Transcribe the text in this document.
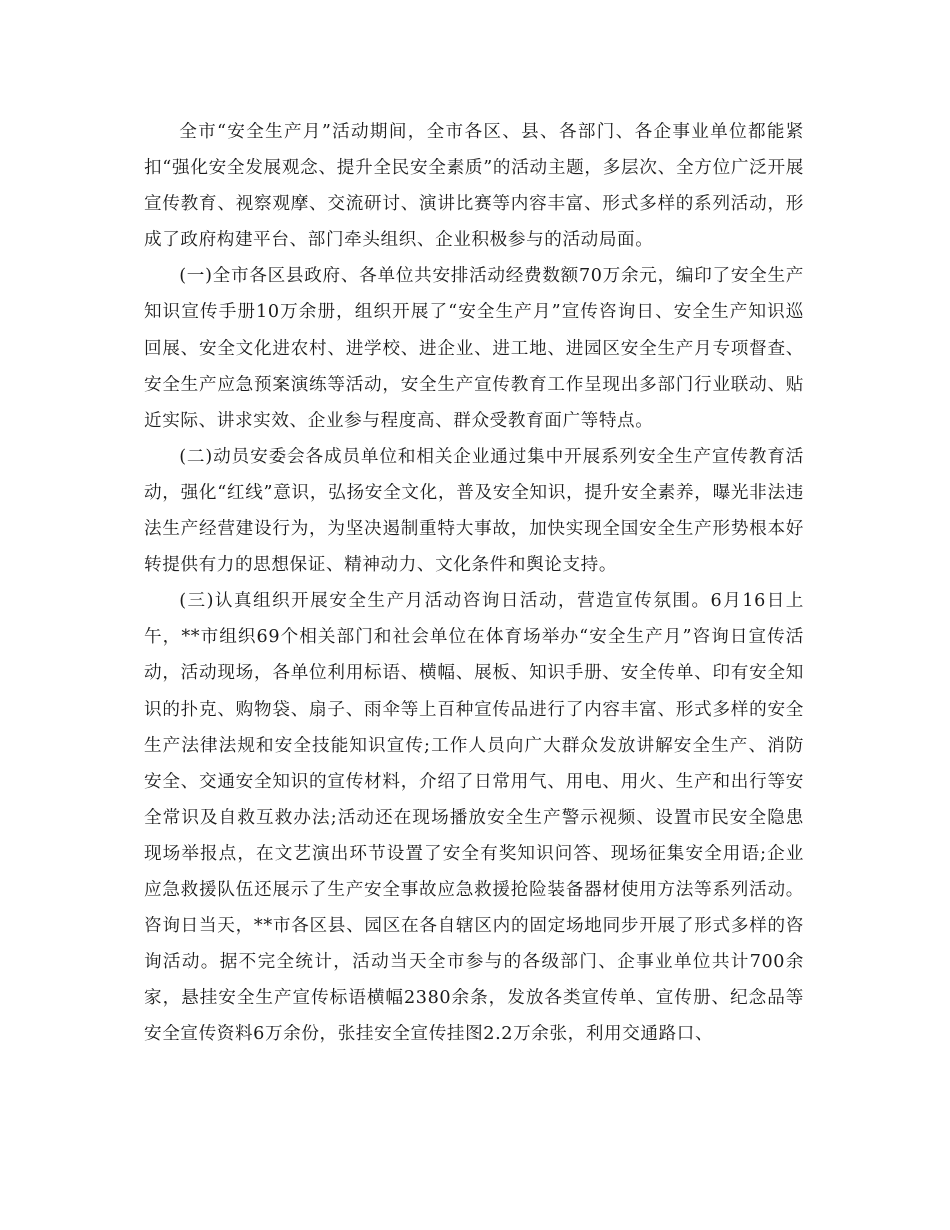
全市“安全生产月”活动期间，全市各区、县、各部门、各企事业单位都能紧扣“强化安全发展观念、提升全民安全素质”的活动主题，多层次、全方位广泛开展宣传教育、视察观摩、交流研讨、演讲比赛等内容丰富、形式多样的系列活动，形成了政府构建平台、部门牵头组织、企业积极参与的活动局面。

(一)全市各区县政府、各单位共安排活动经费数额70万余元，编印了安全生产知识宣传手册10万余册，组织开展了“安全生产月”宣传咨询日、安全生产知识巡回展、安全文化进农村、进学校、进企业、进工地、进园区安全生产月专项督查、安全生产应急预案演练等活动，安全生产宣传教育工作呈现出多部门行业联动、贴近实际、讲求实效、企业参与程度高、群众受教育面广等特点。

(二)动员安委会各成员单位和相关企业通过集中开展系列安全生产宣传教育活动，强化“红线”意识，弘扬安全文化，普及安全知识，提升安全素养，曝光非法违法生产经营建设行为，为坚决遏制重特大事故，加快实现全国安全生产形势根本好转提供有力的思想保证、精神动力、文化条件和舆论支持。

(三)认真组织开展安全生产月活动咨询日活动，营造宣传氛围。6月16日上午，**市组织69个相关部门和社会单位在体育场举办“安全生产月”咨询日宣传活动，活动现场，各单位利用标语、横幅、展板、知识手册、安全传单、印有安全知识的扑克、购物袋、扇子、雨伞等上百种宣传品进行了内容丰富、形式多样的安全生产法律法规和安全技能知识宣传;工作人员向广大群众发放讲解安全生产、消防安全、交通安全知识的宣传材料，介绍了日常用气、用电、用火、生产和出行等安全常识及自救互救办法;活动还在现场播放安全生产警示视频、设置市民安全隐患现场举报点，在文艺演出环节设置了安全有奖知识问答、现场征集安全用语;企业应急救援队伍还展示了生产安全事故应急救援抢险装备器材使用方法等系列活动。咨询日当天，**市各区县、园区在各自辖区内的固定场地同步开展了形式多样的咨询活动。据不完全统计，活动当天全市参与的各级部门、企事业单位共计700余家，悬挂安全生产宣传标语横幅2380余条，发放各类宣传单、宣传册、纪念品等安全宣传资料6万余份，张挂安全宣传挂图2.2万余张，利用交通路口、
